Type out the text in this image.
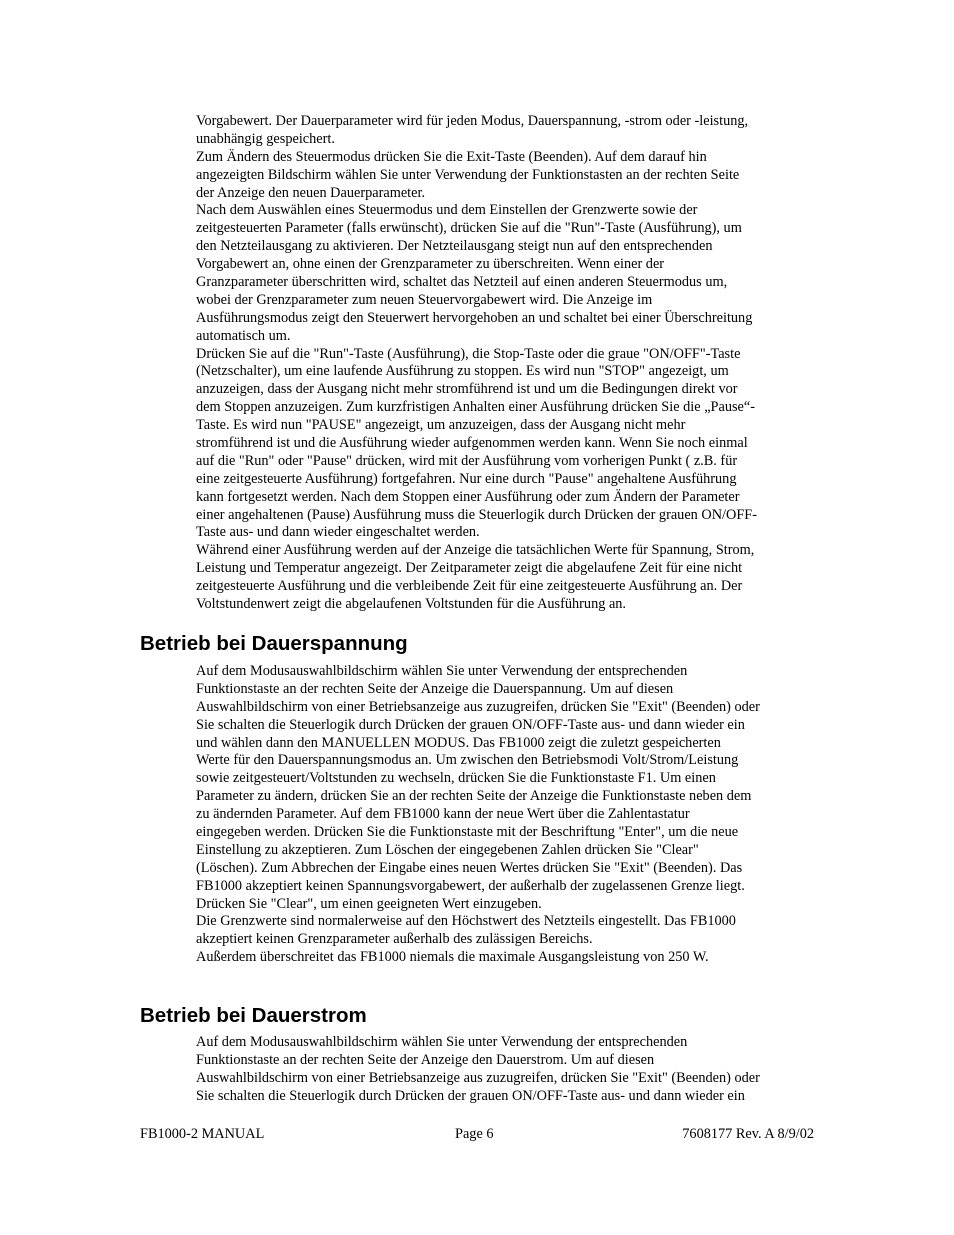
Vorgabewert. Der Dauerparameter wird für jeden Modus, Dauerspannung, -strom oder -leistung,
unabhängig gespeichert.
Zum Ändern des Steuermodus drücken Sie die Exit-Taste (Beenden). Auf dem darauf hin
angezeigten Bildschirm wählen Sie unter Verwendung der Funktionstasten an der rechten Seite
der Anzeige den neuen Dauerparameter.
Nach dem Auswählen eines Steuermodus und dem Einstellen der Grenzwerte sowie der
zeitgesteuerten Parameter (falls erwünscht), drücken Sie auf die "Run"-Taste (Ausführung), um
den Netzteilausgang zu aktivieren. Der Netzteilausgang steigt nun auf den entsprechenden
Vorgabewert an, ohne einen der Grenzparameter zu überschreiten. Wenn einer der
Granzparameter überschritten wird, schaltet das Netzteil auf einen anderen Steuermodus um,
wobei der Grenzparameter zum neuen Steuervorgabewert wird. Die Anzeige im
Ausführungsmodus zeigt den Steuerwert hervorgehoben an und schaltet bei einer Überschreitung
automatisch um.
Drücken Sie auf die "Run"-Taste (Ausführung), die Stop-Taste oder die graue "ON/OFF"-Taste
(Netzschalter), um eine laufende Ausführung zu stoppen. Es wird nun "STOP" angezeigt, um
anzuzeigen, dass der Ausgang nicht mehr stromführend ist und um die Bedingungen direkt vor
dem Stoppen anzuzeigen. Zum kurzfristigen Anhalten einer Ausführung drücken Sie die „Pause“-
Taste. Es wird nun "PAUSE" angezeigt, um anzuzeigen, dass der Ausgang nicht mehr
stromführend ist und die Ausführung wieder aufgenommen werden kann. Wenn Sie noch einmal
auf die "Run" oder "Pause" drücken, wird mit der Ausführung vom vorherigen Punkt ( z.B. für
eine zeitgesteuerte Ausführung) fortgefahren. Nur eine durch "Pause" angehaltene Ausführung
kann fortgesetzt werden. Nach dem Stoppen einer Ausführung oder zum Ändern der Parameter
einer angehaltenen (Pause) Ausführung muss die Steuerlogik durch Drücken der grauen ON/OFF-
Taste aus- und dann wieder eingeschaltet werden.
Während einer Ausführung werden auf der Anzeige die tatsächlichen Werte für Spannung, Strom,
Leistung und Temperatur angezeigt. Der Zeitparameter zeigt die abgelaufene Zeit für eine nicht
zeitgesteuerte Ausführung und die verbleibende Zeit für eine zeitgesteuerte Ausführung an. Der
Voltstundenwert zeigt die abgelaufenen Voltstunden für die Ausführung an.
Betrieb bei Dauerspannung
Auf dem Modusauswahlbildschirm wählen Sie unter Verwendung der entsprechenden
Funktionstaste an der rechten Seite der Anzeige die Dauerspannung. Um auf diesen
Auswahlbildschirm von einer Betriebsanzeige aus zuzugreifen, drücken Sie "Exit" (Beenden) oder
Sie schalten die Steuerlogik durch Drücken der grauen ON/OFF-Taste aus- und dann wieder ein
und wählen dann den MANUELLEN MODUS. Das FB1000 zeigt die zuletzt gespeicherten
Werte für den Dauerspannungsmodus an. Um zwischen den Betriebsmodi Volt/Strom/Leistung
sowie zeitgesteuert/Voltstunden zu wechseln, drücken Sie die Funktionstaste F1. Um einen
Parameter zu ändern, drücken Sie an der rechten Seite der Anzeige die Funktionstaste neben dem
zu ändernden Parameter. Auf dem FB1000 kann der neue Wert über die Zahlentastatur
eingegeben werden. Drücken Sie die Funktionstaste mit der Beschriftung "Enter", um die neue
Einstellung zu akzeptieren. Zum Löschen der eingegebenen Zahlen drücken Sie "Clear"
(Löschen). Zum Abbrechen der Eingabe eines neuen Wertes drücken Sie "Exit" (Beenden). Das
FB1000 akzeptiert keinen Spannungsvorgabewert, der außerhalb der zugelassenen Grenze liegt.
Drücken Sie "Clear", um einen geeigneten Wert einzugeben.
Die Grenzwerte sind normalerweise auf den Höchstwert des Netzteils eingestellt. Das FB1000
akzeptiert keinen Grenzparameter außerhalb des zulässigen Bereichs.
Außerdem überschreitet das FB1000 niemals die maximale Ausgangsleistung von 250 W.
Betrieb bei Dauerstrom
Auf dem Modusauswahlbildschirm wählen Sie unter Verwendung der entsprechenden
Funktionstaste an der rechten Seite der Anzeige den Dauerstrom. Um auf diesen
Auswahlbildschirm von einer Betriebsanzeige aus zuzugreifen, drücken Sie "Exit" (Beenden) oder
Sie schalten die Steuerlogik durch Drücken der grauen ON/OFF-Taste aus- und dann wieder ein
FB1000-2 MANUAL	Page 6	7608177 Rev. A 8/9/02
